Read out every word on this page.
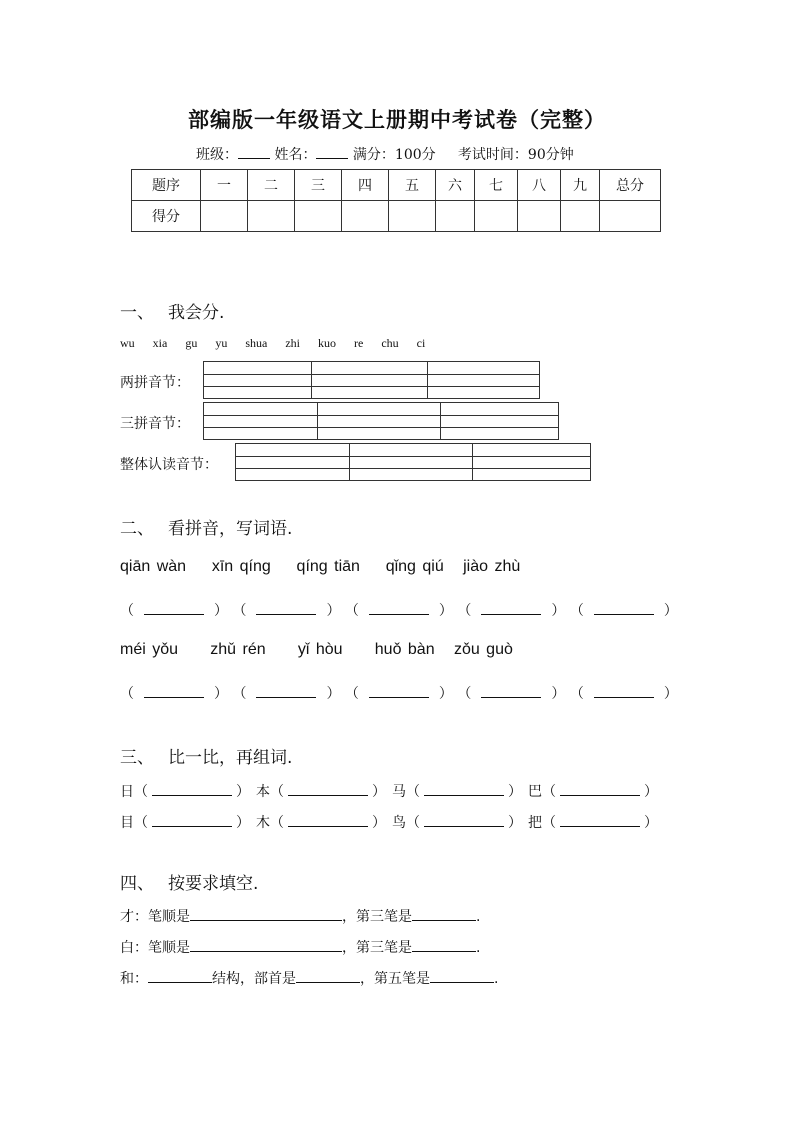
部编版一年级语文上册期中考试卷（完整）
班级：	姓名：	满分：100分 考试时间：90分钟
题序	一	二	三	四	五	六	七	八	九	总分
得分										
一、 我会分.
wu xia gu yu shua zhi kuo re chu ci
两拼音节：
三拼音节：
整体认读音节：
二、 看拼音，写词语.
qiān wàn    xīn qíng    qíng tiān    qǐng qiú   jiào zhù
（	） （	） （	） （	） （	）
méi yǒu     zhǔ rén     yǐ hòu     huǒ bàn   zǒu guò
（	） （	） （	） （	） （	）
三、 比一比，再组词.
日（	） 本（	） 马（	） 巴（	）
目（	） 木（	） 鸟（	） 把（	）
四、 按要求填空.
才：笔顺是	，第三笔是	.
白：笔顺是	，第三笔是	.
和：	结构，部首是	，第五笔是	.
